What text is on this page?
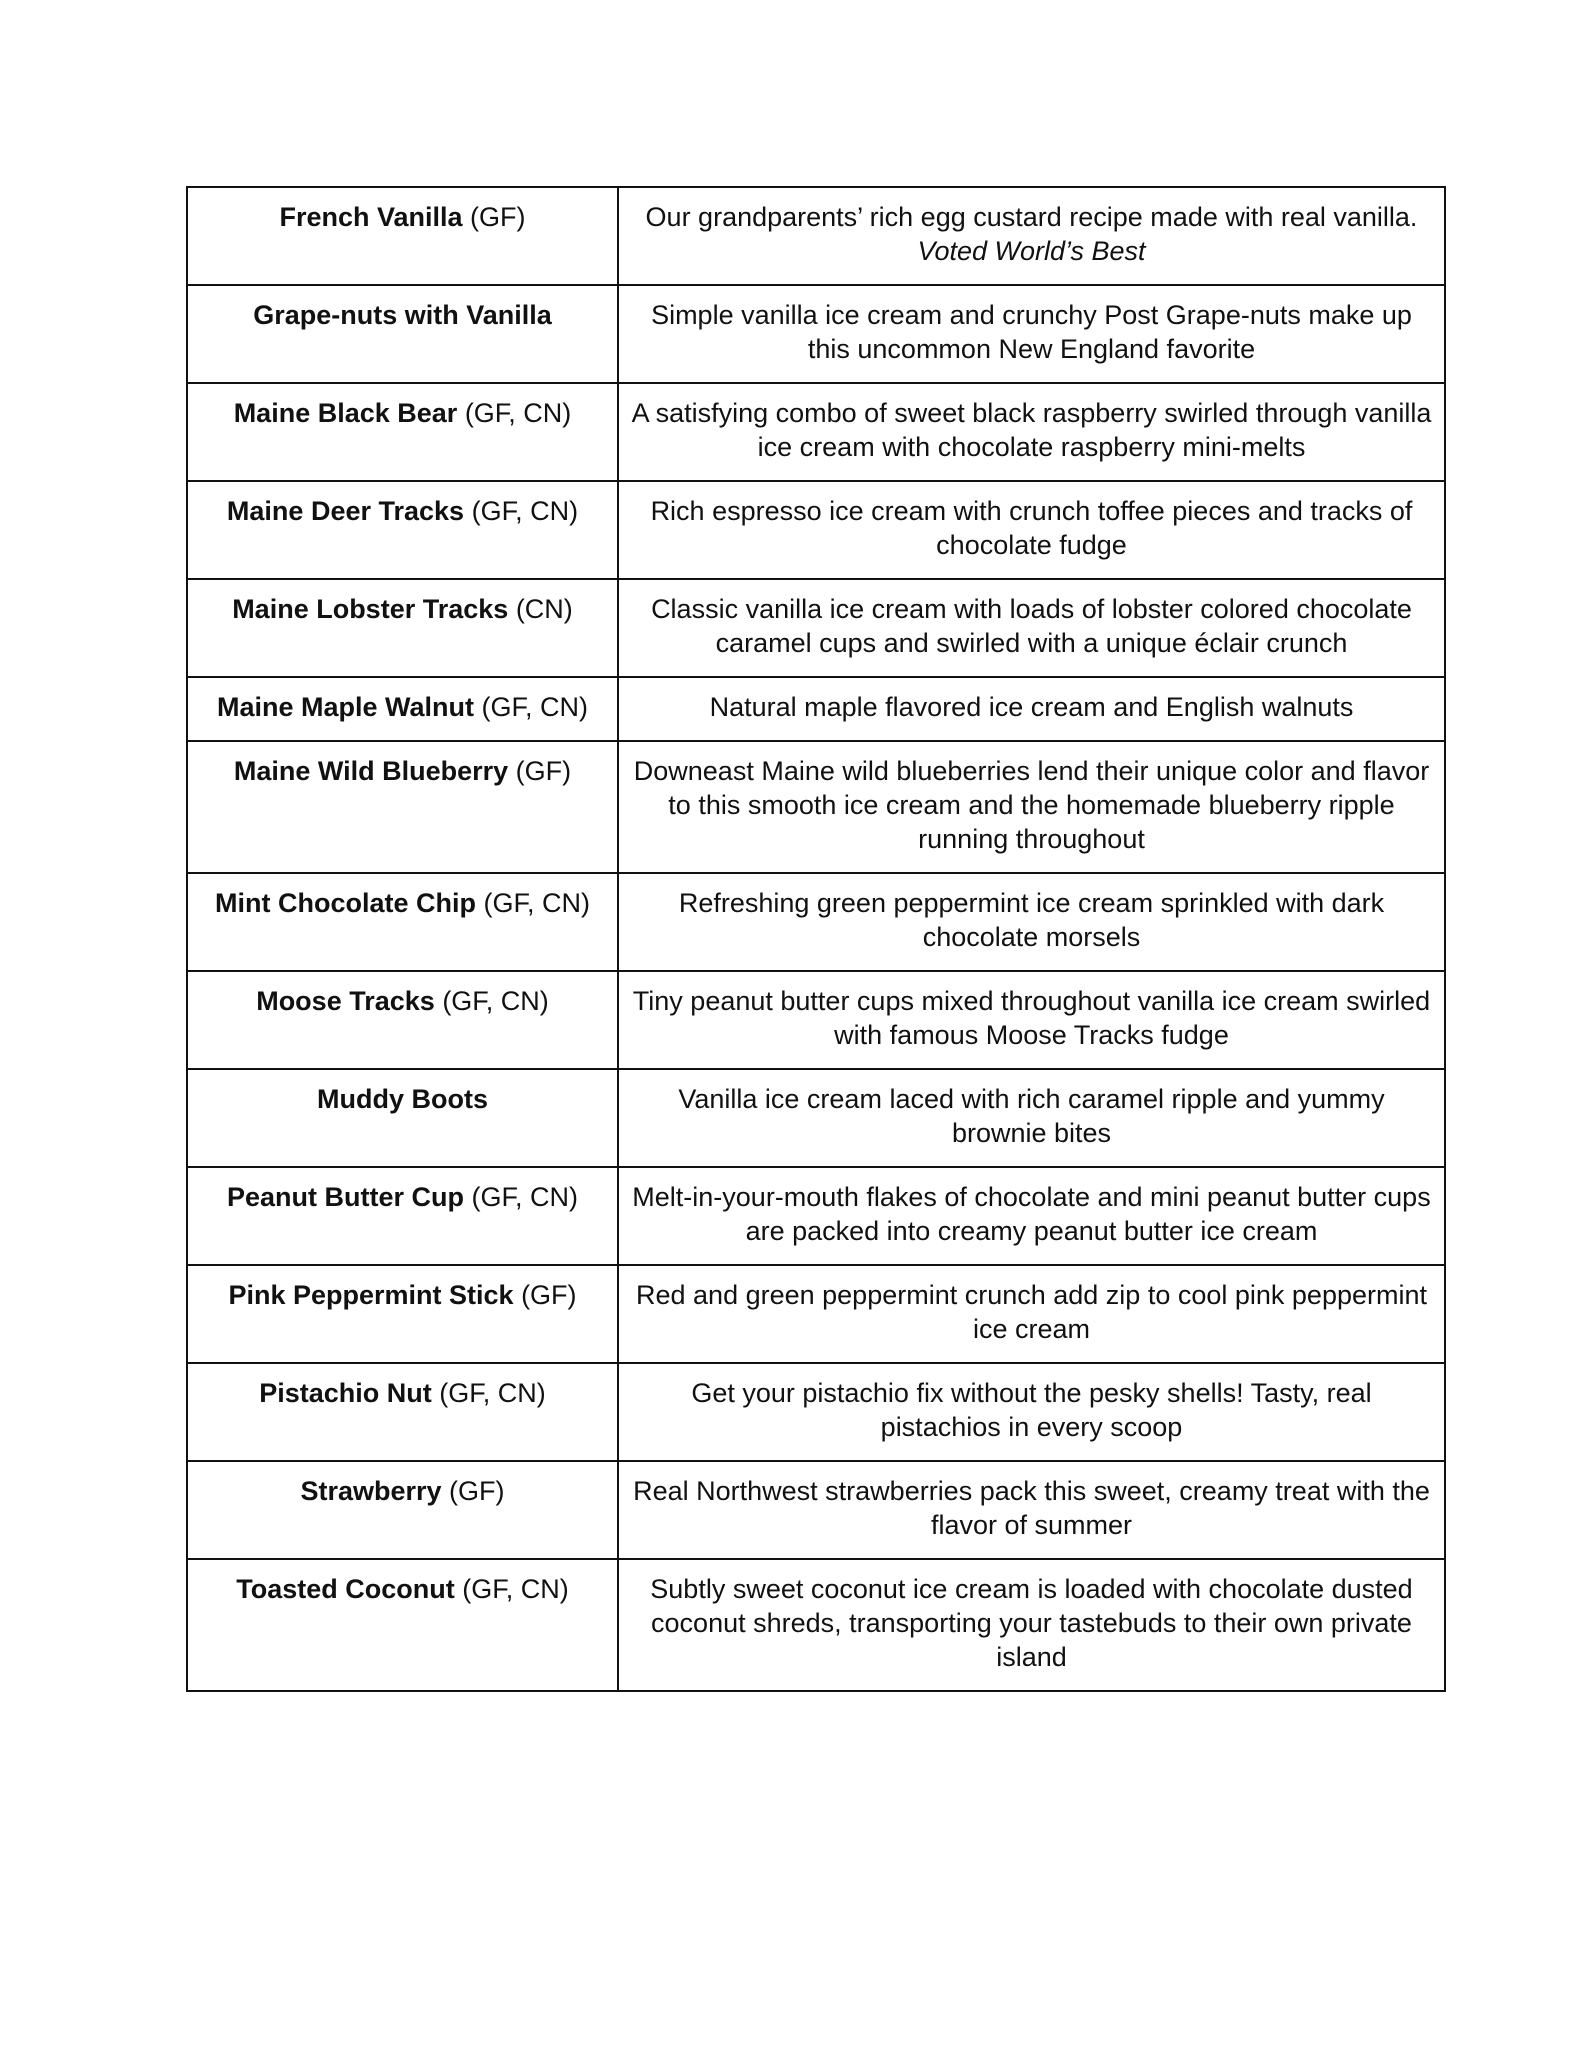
French Vanilla (GF)	Our grandparents’ rich egg custard recipe made with real vanilla. Voted World’s Best
Grape-nuts with Vanilla	Simple vanilla ice cream and crunchy Post Grape-nuts make up this uncommon New England favorite
Maine Black Bear (GF, CN)	A satisfying combo of sweet black raspberry swirled through vanilla ice cream with chocolate raspberry mini-melts
Maine Deer Tracks (GF, CN)	Rich espresso ice cream with crunch toffee pieces and tracks of chocolate fudge
Maine Lobster Tracks (CN)	Classic vanilla ice cream with loads of lobster colored chocolate caramel cups and swirled with a unique éclair crunch
Maine Maple Walnut (GF, CN)	Natural maple flavored ice cream and English walnuts
Maine Wild Blueberry (GF)	Downeast Maine wild blueberries lend their unique color and flavor to this smooth ice cream and the homemade blueberry ripple running throughout
Mint Chocolate Chip (GF, CN)	Refreshing green peppermint ice cream sprinkled with dark chocolate morsels
Moose Tracks (GF, CN)	Tiny peanut butter cups mixed throughout vanilla ice cream swirled with famous Moose Tracks fudge
Muddy Boots	Vanilla ice cream laced with rich caramel ripple and yummy brownie bites
Peanut Butter Cup (GF, CN)	Melt-in-your-mouth flakes of chocolate and mini peanut butter cups are packed into creamy peanut butter ice cream
Pink Peppermint Stick (GF)	Red and green peppermint crunch add zip to cool pink peppermint ice cream
Pistachio Nut (GF, CN)	Get your pistachio fix without the pesky shells! Tasty, real pistachios in every scoop
Strawberry (GF)	Real Northwest strawberries pack this sweet, creamy treat with the flavor of summer
Toasted Coconut (GF, CN)	Subtly sweet coconut ice cream is loaded with chocolate dusted coconut shreds, transporting your tastebuds to their own private island
